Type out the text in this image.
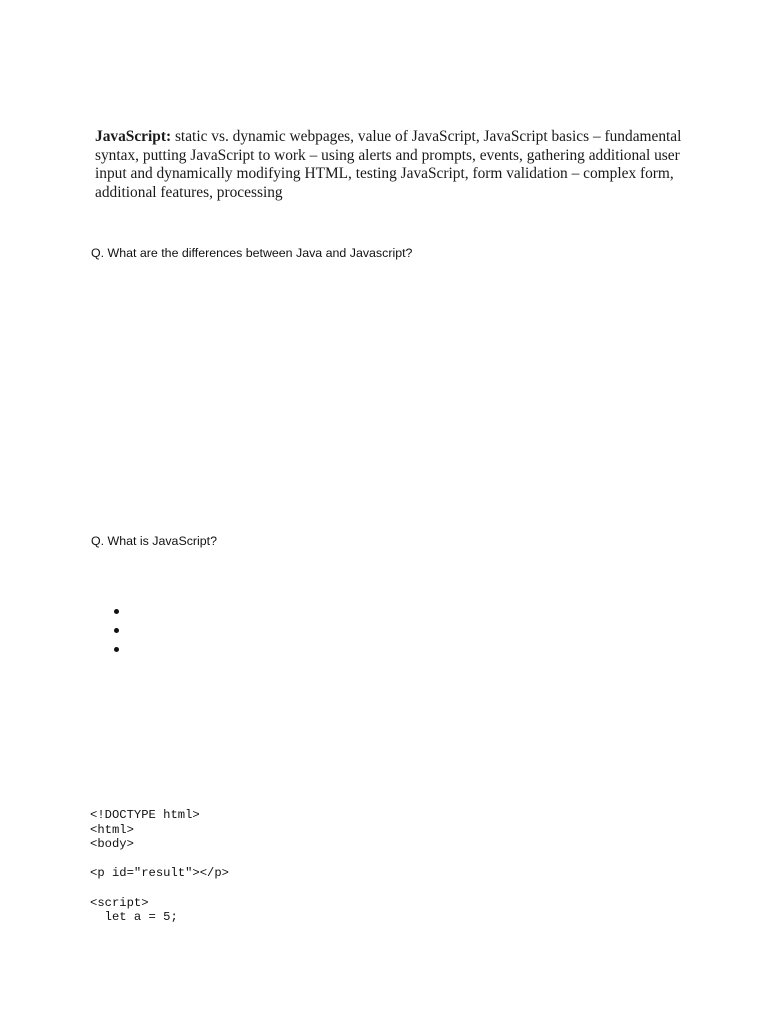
JavaScript: static vs. dynamic webpages, value of JavaScript, JavaScript basics – fundamental
syntax, putting JavaScript to work – using alerts and prompts, events, gathering additional user
input and dynamically modifying HTML, testing JavaScript, form validation – complex form,
additional features, processing
Q. What are the differences between Java and Javascript?
Q. What is JavaScript?
<!DOCTYPE html>
<html>
<body>
<p id="result"></p>
<script>
let a = 5;
